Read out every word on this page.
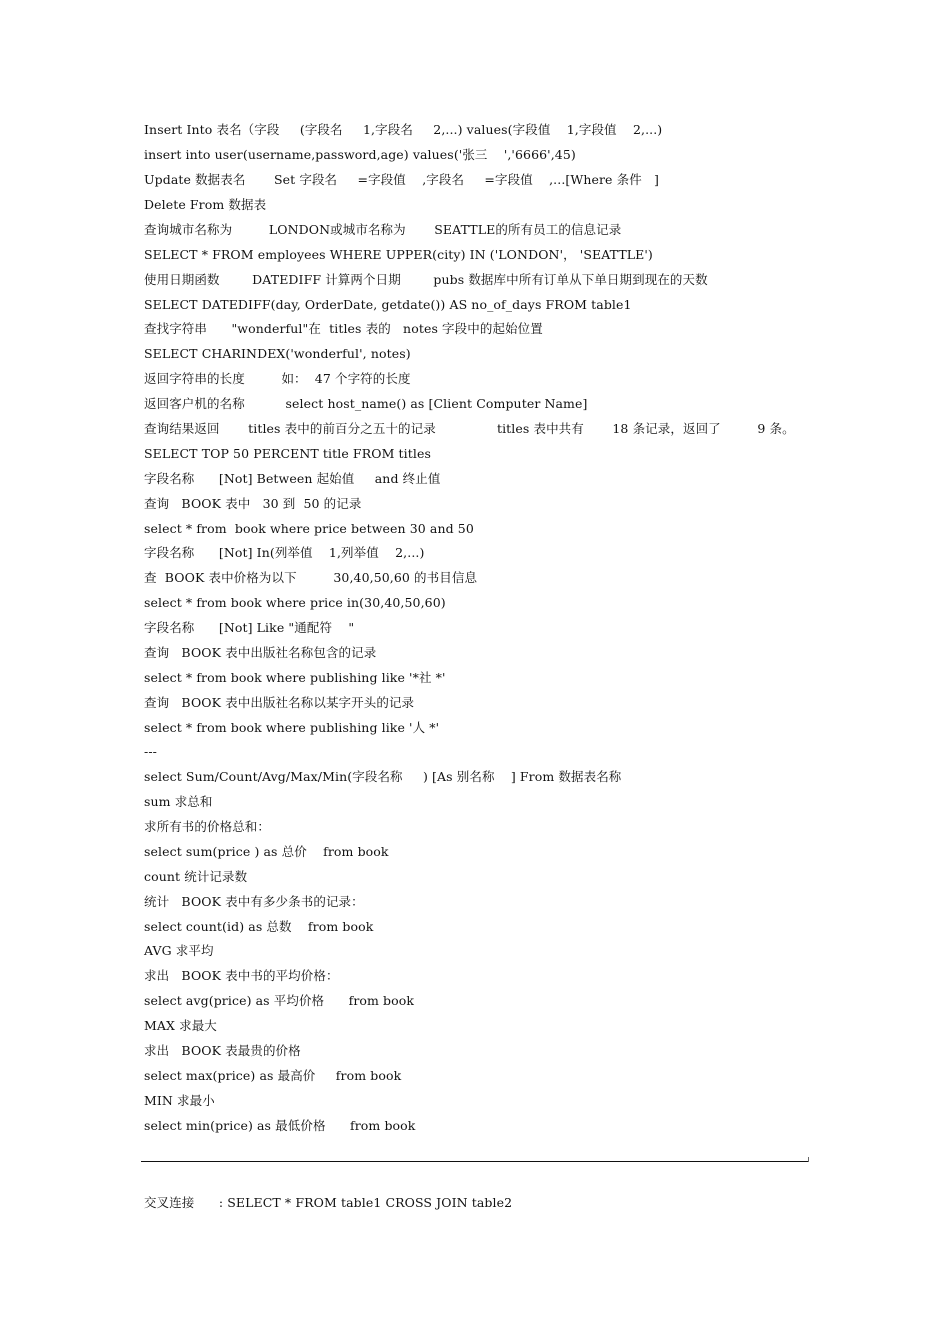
Insert Into 表名（字段     (字段名     1,字段名     2,...) values(字段值    1,字段值    2,...)

insert into user(username,password,age) values('张三    ','6666',45)

Update 数据表名       Set 字段名     =字段值    ,字段名     =字段值    ,...[Where 条件   ]

Delete From 数据表

查询城市名称为         LONDON或城市名称为       SEATTLE的所有员工的信息记录

SELECT * FROM employees WHERE UPPER(city) IN ('LONDON'， 'SEATTLE')

使用日期函数        DATEDIFF 计算两个日期        pubs 数据库中所有订单从下单日期到现在的天数

SELECT DATEDIFF(day, OrderDate, getdate()) AS no_of_days FROM table1

查找字符串      "wonderful"在  titles 表的   notes 字段中的起始位置

SELECT CHARINDEX('wonderful', notes)

返回字符串的长度         如：  47 个字符的长度

返回客户机的名称          select host_name() as [Client Computer Name]

查询结果返回       titles 表中的前百分之五十的记录               titles 表中共有       18 条记录，返回了         9 条。

SELECT TOP 50 PERCENT title FROM titles

字段名称      [Not] Between 起始值     and 终止值

查询   BOOK 表中   30 到  50 的记录

select * from  book where price between 30 and 50

字段名称      [Not] In(列举值    1,列举值    2,...)

查  BOOK 表中价格为以下         30,40,50,60 的书目信息

select * from book where price in(30,40,50,60)

字段名称      [Not] Like "通配符    "

查询   BOOK 表中出版社名称包含的记录

select * from book where publishing like '*社 *'

查询   BOOK 表中出版社名称以某字开头的记录

select * from book where publishing like '人 *'

---

select Sum/Count/Avg/Max/Min(字段名称     ) [As 别名称    ] From 数据表名称

sum 求总和

求所有书的价格总和：

select sum(price ) as 总价    from book

count 统计记录数

统计   BOOK 表中有多少条书的记录：

select count(id) as 总数    from book

AVG 求平均

求出   BOOK 表中书的平均价格：

select avg(price) as 平均价格      from book

MAX 求最大

求出   BOOK 表最贵的价格

select max(price) as 最高价     from book

MIN 求最小

select min(price) as 最低价格      from book

交叉连接      : SELECT * FROM table1 CROSS JOIN table2
